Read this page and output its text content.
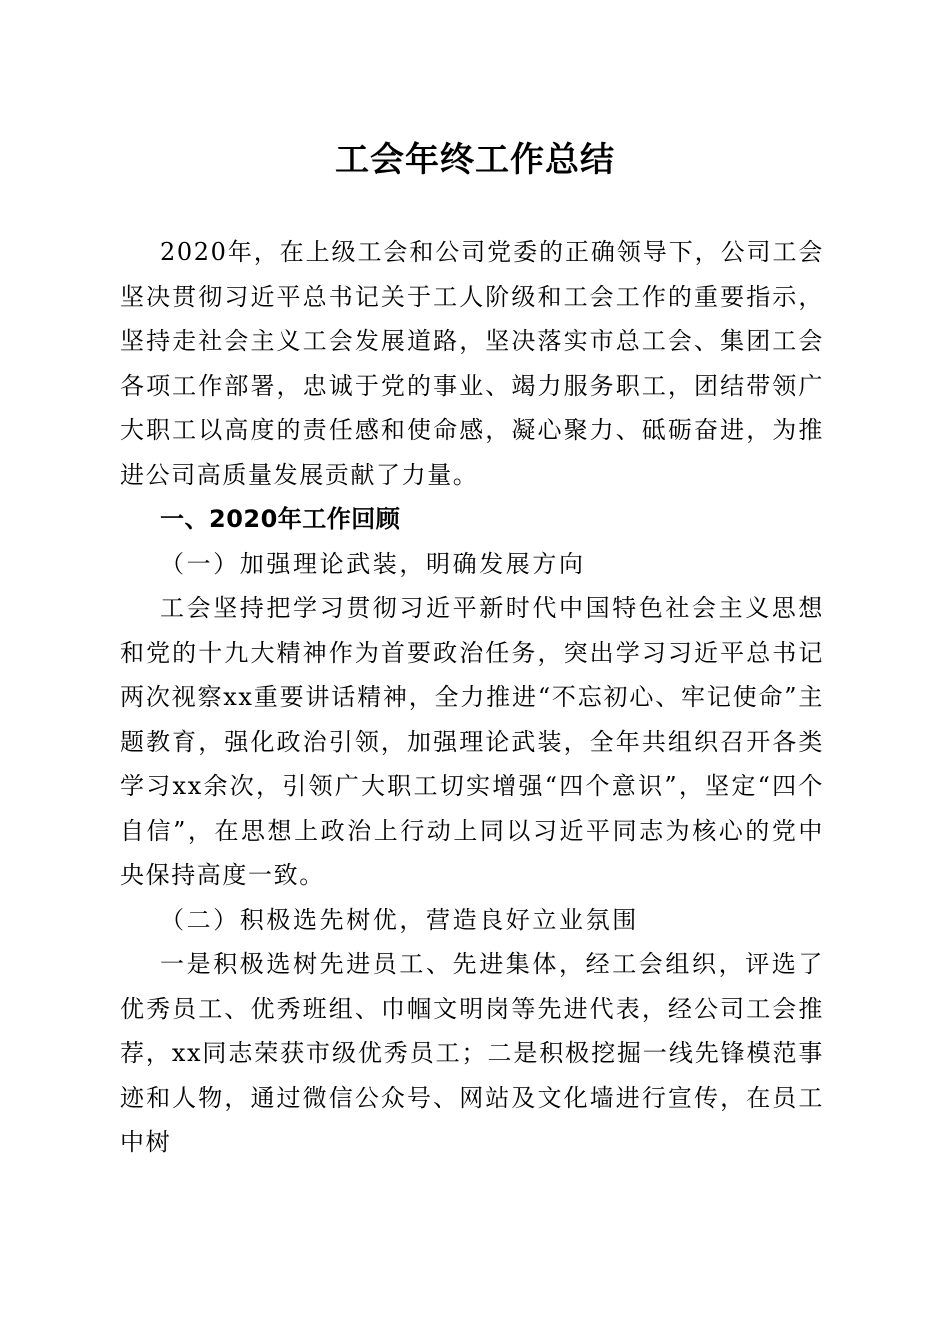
工会年终工作总结

2020年，在上级工会和公司党委的正确领导下，公司工会坚决贯彻习近平总书记关于工人阶级和工会工作的重要指示，坚持走社会主义工会发展道路，坚决落实市总工会、集团工会各项工作部署，忠诚于党的事业、竭力服务职工，团结带领广大职工以高度的责任感和使命感，凝心聚力、砥砺奋进，为推进公司高质量发展贡献了力量。

一、2020年工作回顾

（一）加强理论武装，明确发展方向

工会坚持把学习贯彻习近平新时代中国特色社会主义思想和党的十九大精神作为首要政治任务，突出学习习近平总书记两次视察xx重要讲话精神，全力推进“不忘初心、牢记使命”主题教育，强化政治引领，加强理论武装，全年共组织召开各类学习xx余次，引领广大职工切实增强“四个意识”，坚定“四个自信”，在思想上政治上行动上同以习近平同志为核心的党中央保持高度一致。

（二）积极选先树优，营造良好立业氛围

一是积极选树先进员工、先进集体，经工会组织，评选了优秀员工、优秀班组、巾帼文明岗等先进代表，经公司工会推荐，xx同志荣获市级优秀员工；二是积极挖掘一线先锋模范事迹和人物，通过微信公众号、网站及文化墙进行宣传，在员工中树
